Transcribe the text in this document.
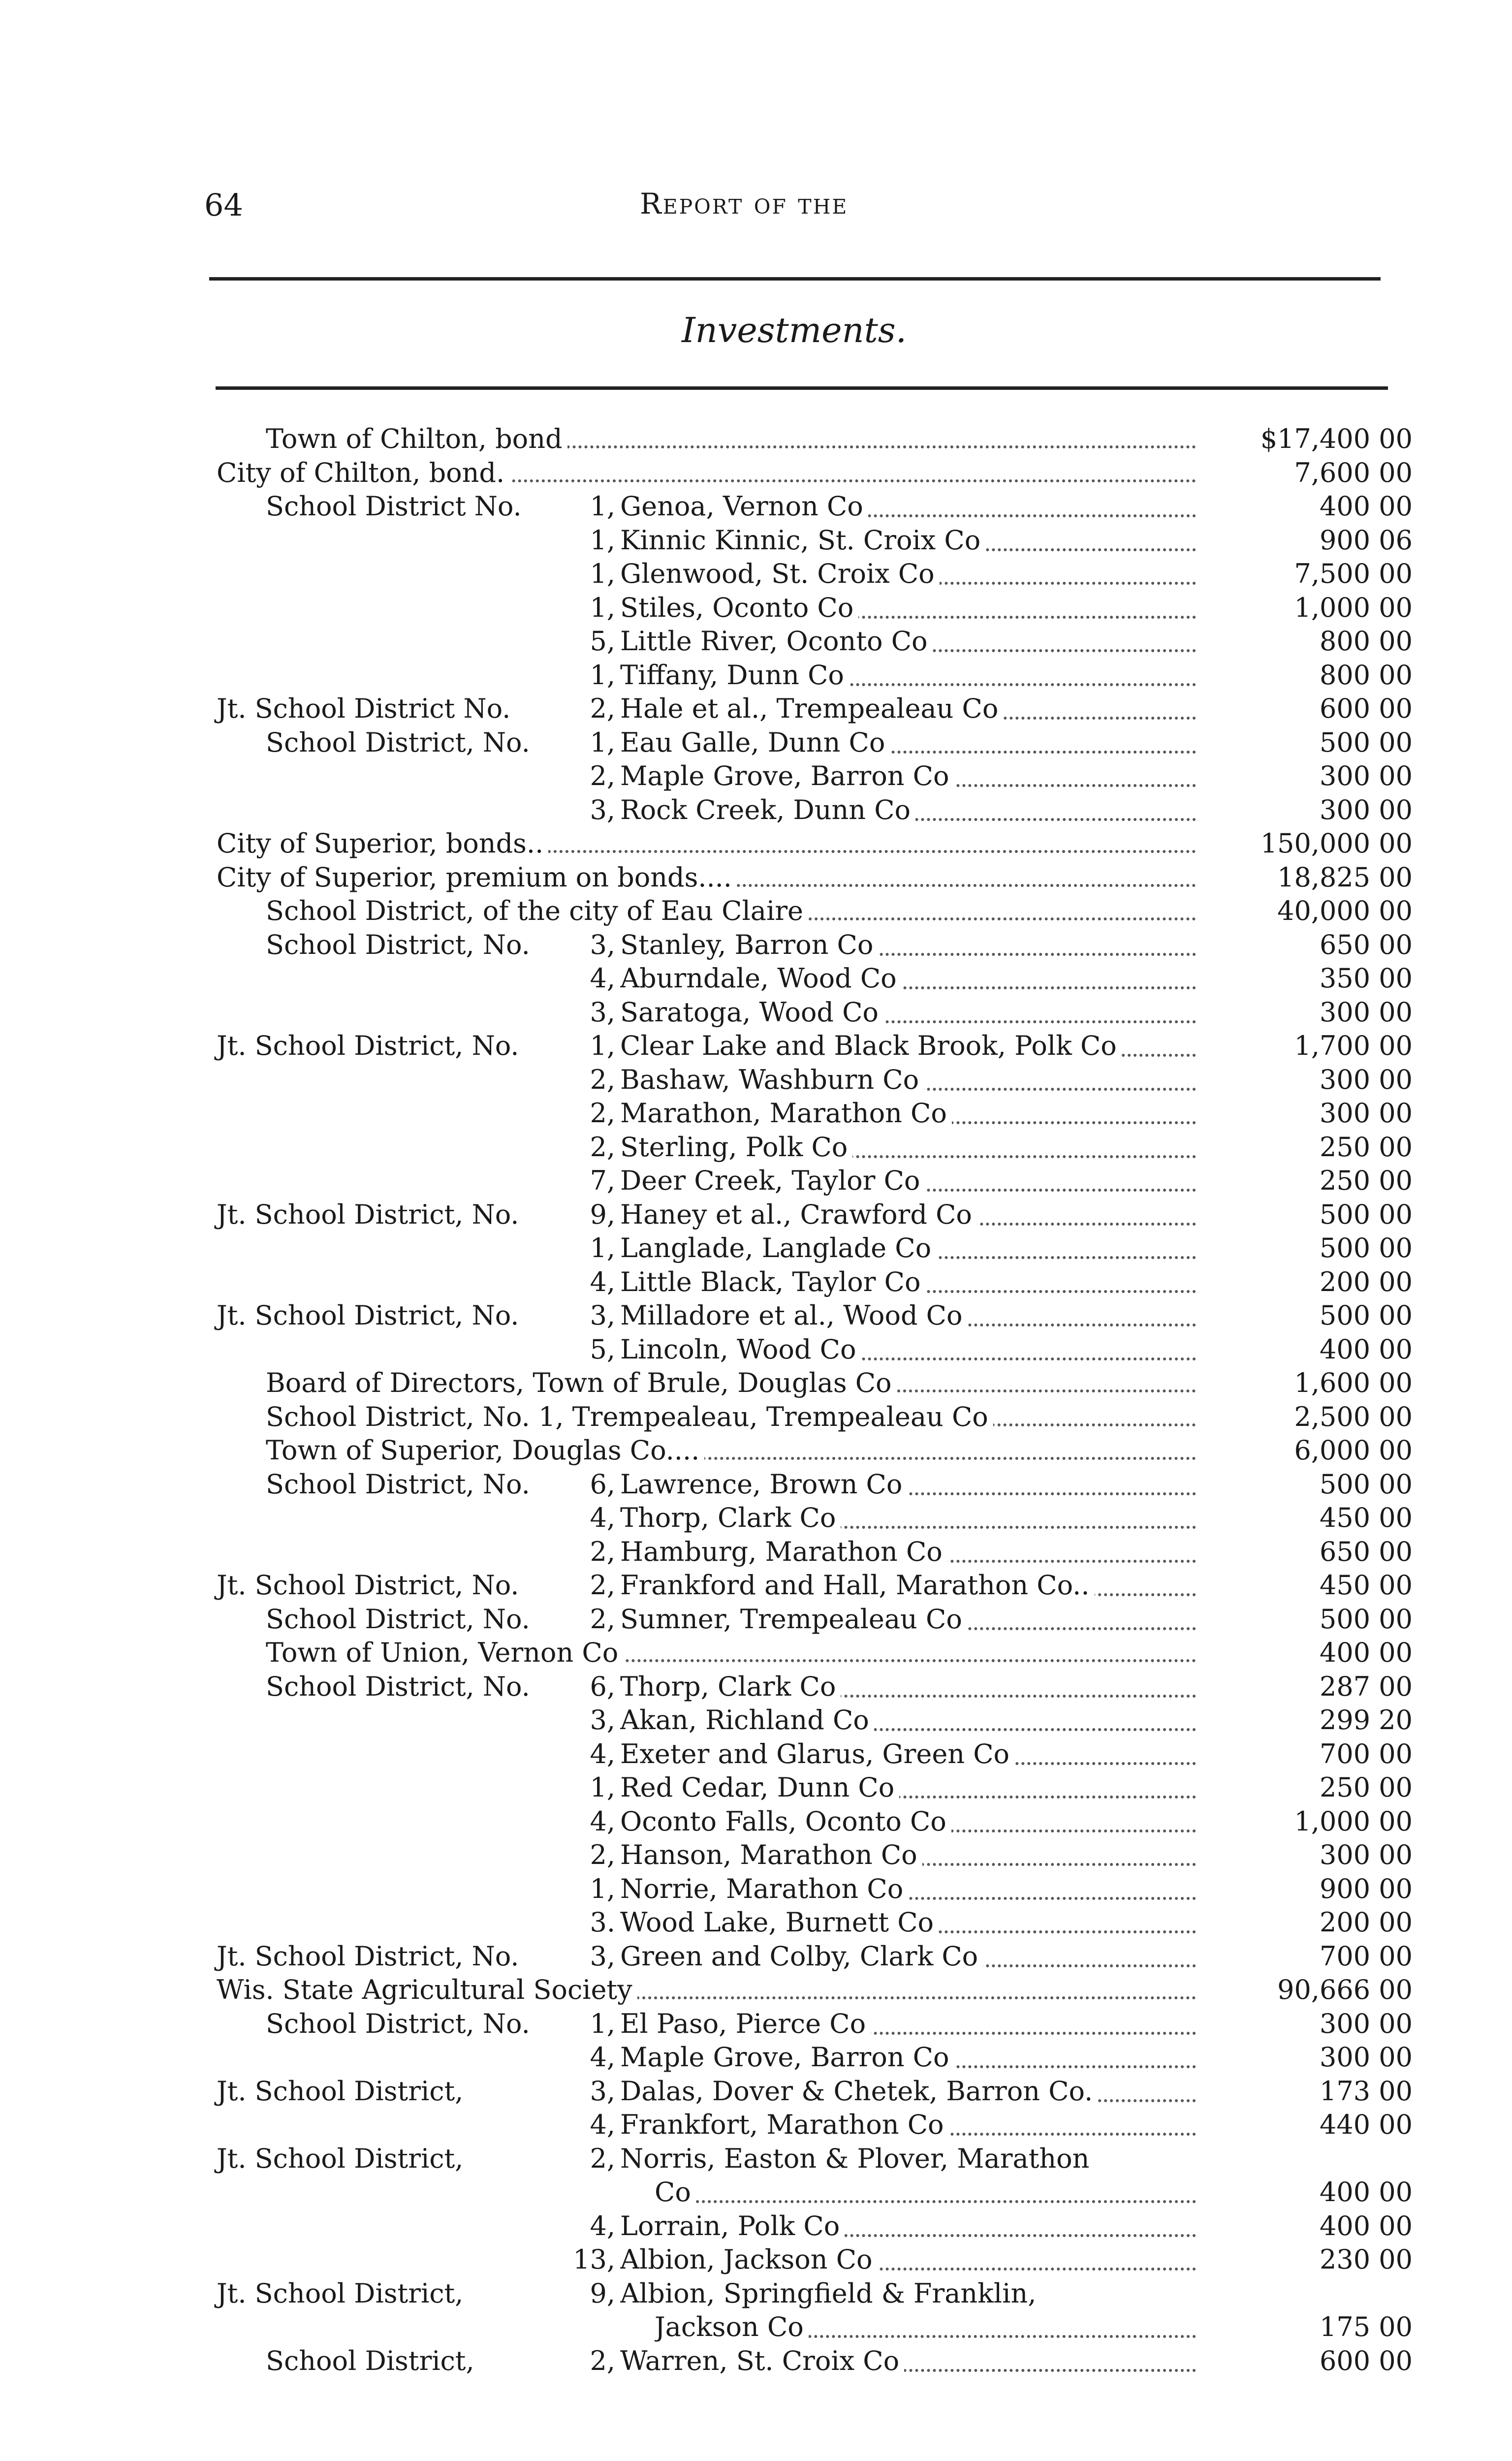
64	Report of the
Investments.
Town of Chilton, bond	$17,400 00
City of Chilton, bond.	7,600 00
School District No.	1, Genoa, Vernon Co	400 00
1, Kinnic Kinnic, St. Croix Co	900 06
1, Glenwood, St. Croix Co	7,500 00
1, Stiles, Oconto Co	1,000 00
5, Little River, Oconto Co	800 00
1, Tiffany, Dunn Co	800 00
Jt. School District No.	2, Hale et al., Trempealeau Co	600 00
School District, No. 1, Eau Galle, Dunn Co	500 00
2, Maple Grove, Barron Co	300 00
3, Rock Creek, Dunn Co	300 00
City of Superior, bonds..	150,000 00
City of Superior, premium on bonds....	18,825 00
School District, of the city of Eau Claire	40,000 00
School District, No. 3, Stanley, Barron Co	650 00
4, Aburndale, Wood Co	350 00
3, Saratoga, Wood Co	300 00
Jt. School District, No.	1, Clear Lake and Black Brook, Polk Co	1,700 00
2, Bashaw, Washburn Co	300 00
2, Marathon, Marathon Co	300 00
2, Sterling, Polk Co	250 00
7, Deer Creek, Taylor Co	250 00
Jt. School District, No.	9, Haney et al., Crawford Co	500 00
1, Langlade, Langlade Co	500 00
4, Little Black, Taylor Co	200 00
Jt. School District, No.	3, Milladore et al., Wood Co	500 00
5, Lincoln, Wood Co	400 00
Board of Directors, Town of Brule, Douglas Co	1,600 00
School District, No. 1, Trempealeau, Trempealeau Co	2,500 00
Town of Superior, Douglas Co....	6,000 00
School District, No. 6, Lawrence, Brown Co	500 00
4, Thorp, Clark Co	450 00
2, Hamburg, Marathon Co	650 00
Jt. School District, No.	2, Frankford and Hall, Marathon Co..	450 00
School District, No. 2, Sumner, Trempealeau Co	500 00
Town of Union, Vernon Co	400 00
School District, No. 6, Thorp, Clark Co	287 00
3, Akan, Richland Co	299 20
4, Exeter and Glarus, Green Co	700 00
1, Red Cedar, Dunn Co	250 00
4, Oconto Falls, Oconto Co	1,000 00
2, Hanson, Marathon Co	300 00
1, Norrie, Marathon Co	900 00
3. Wood Lake, Burnett Co	200 00
Jt. School District, No.	3, Green and Colby, Clark Co	700 00
Wis. State Agricultural Society	90,666 00
School District, No. 1, El Paso, Pierce Co	300 00
4, Maple Grove, Barron Co	300 00
Jt. School District,	3, Dalas, Dover & Chetek, Barron Co.	173 00
4, Frankfort, Marathon Co	440 00
Jt. School District,	2, Norris, Easton & Plover, Marathon
Co	400 00
4, Lorrain, Polk Co	400 00
13, Albion, Jackson Co	230 00
Jt. School District,	9, Albion, Springfield & Franklin,
Jackson Co	175 00
School District,	2, Warren, St. Croix Co	600 00
